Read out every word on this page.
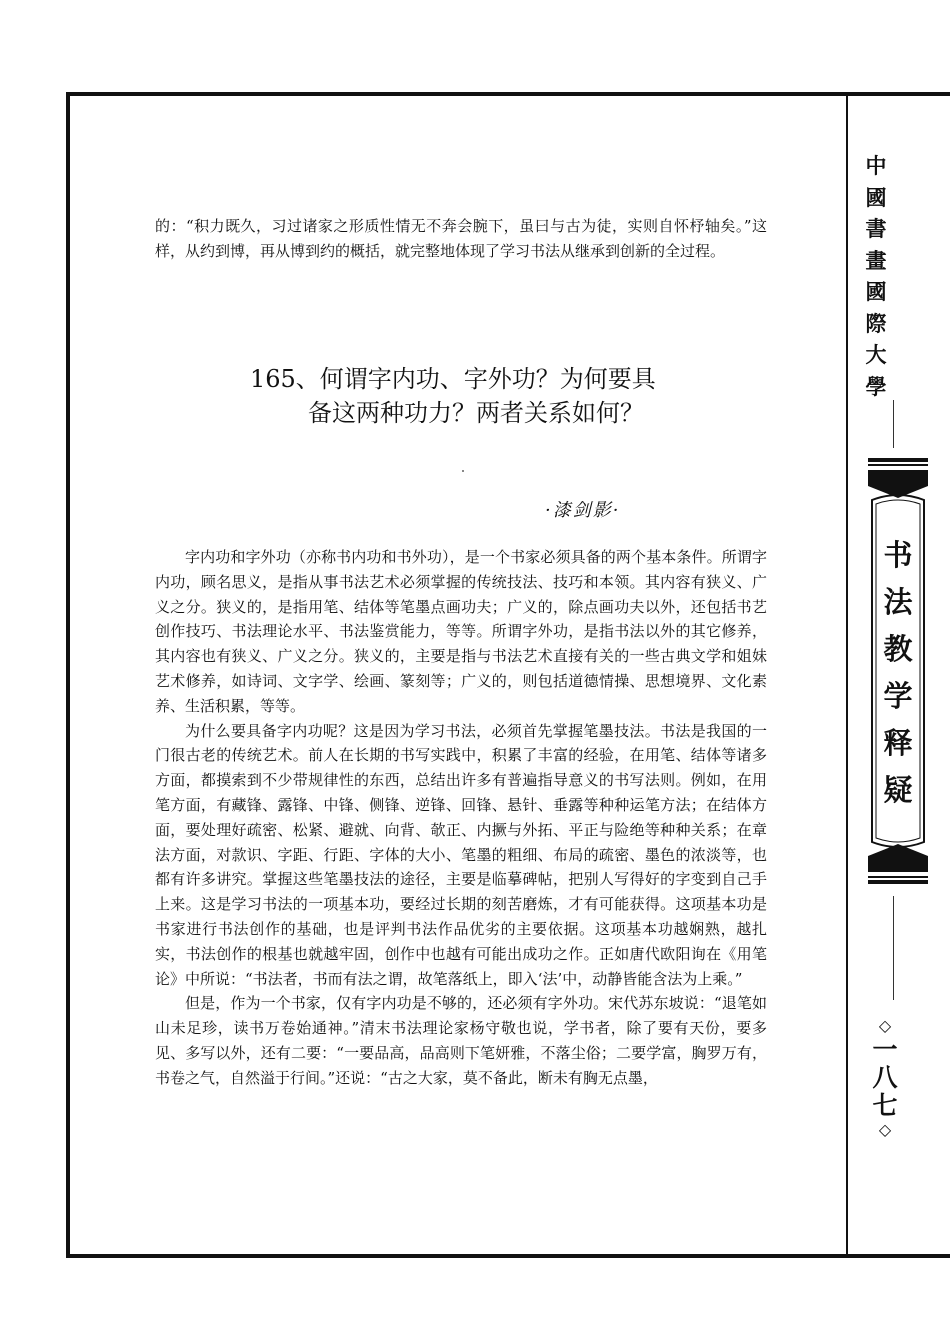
中
國
書
畫
國
際
大
學
书
法
教
学
释
疑
◇
一
八
七
◇

的：“积力既久，习过诸家之形质性情无不奔会腕下，虽曰与古为徒，实则自怀杼轴矣。”这样，从约到博，再从博到约的概括，就完整地体现了学习书法从继承到创新的全过程。

165、何谓字内功、字外功？为何要具
备这两种功力？两者关系如何？
·漆剑影·

字内功和字外功（亦称书内功和书外功），是一个书家必须具备的两个基本条件。所谓字内功，顾名思义，是指从事书法艺术必须掌握的传统技法、技巧和本领。其内容有狭义、广义之分。狭义的，是指用笔、结体等笔墨点画功夫；广义的，除点画功夫以外，还包括书艺创作技巧、书法理论水平、书法鉴赏能力，等等。所谓字外功，是指书法以外的其它修养，其内容也有狭义、广义之分。狭义的，主要是指与书法艺术直接有关的一些古典文学和姐妹艺术修养，如诗词、文字学、绘画、篆刻等；广义的，则包括道德情操、思想境界、文化素养、生活积累，等等。

为什么要具备字内功呢？这是因为学习书法，必须首先掌握笔墨技法。书法是我国的一门很古老的传统艺术。前人在长期的书写实践中，积累了丰富的经验，在用笔、结体等诸多方面，都摸索到不少带规律性的东西，总结出许多有普遍指导意义的书写法则。例如，在用笔方面，有藏锋、露锋、中锋、侧锋、逆锋、回锋、悬针、垂露等种种运笔方法；在结体方面，要处理好疏密、松紧、避就、向背、欹正、内撅与外拓、平正与险绝等种种关系；在章法方面，对款识、字距、行距、字体的大小、笔墨的粗细、布局的疏密、墨色的浓淡等，也都有许多讲究。掌握这些笔墨技法的途径，主要是临摹碑帖，把别人写得好的字变到自己手上来。这是学习书法的一项基本功，要经过长期的刻苦磨炼，才有可能获得。这项基本功是书家进行书法创作的基础，也是评判书法作品优劣的主要依据。这项基本功越娴熟，越扎实，书法创作的根基也就越牢固，创作中也越有可能出成功之作。正如唐代欧阳询在《用笔论》中所说：“书法者，书而有法之谓，故笔落纸上，即入‘法’中，动静皆能含法为上乘。”

但是，作为一个书家，仅有字内功是不够的，还必须有字外功。宋代苏东坡说：“退笔如山未足珍，读书万卷始通神。”清末书法理论家杨守敬也说，学书者，除了要有天份，要多见、多写以外，还有二要：“一要品高，品高则下笔妍雅，不落尘俗；二要学富，胸罗万有，书卷之气，自然溢于行间。”还说：“古之大家，莫不备此，断未有胸无点墨，
